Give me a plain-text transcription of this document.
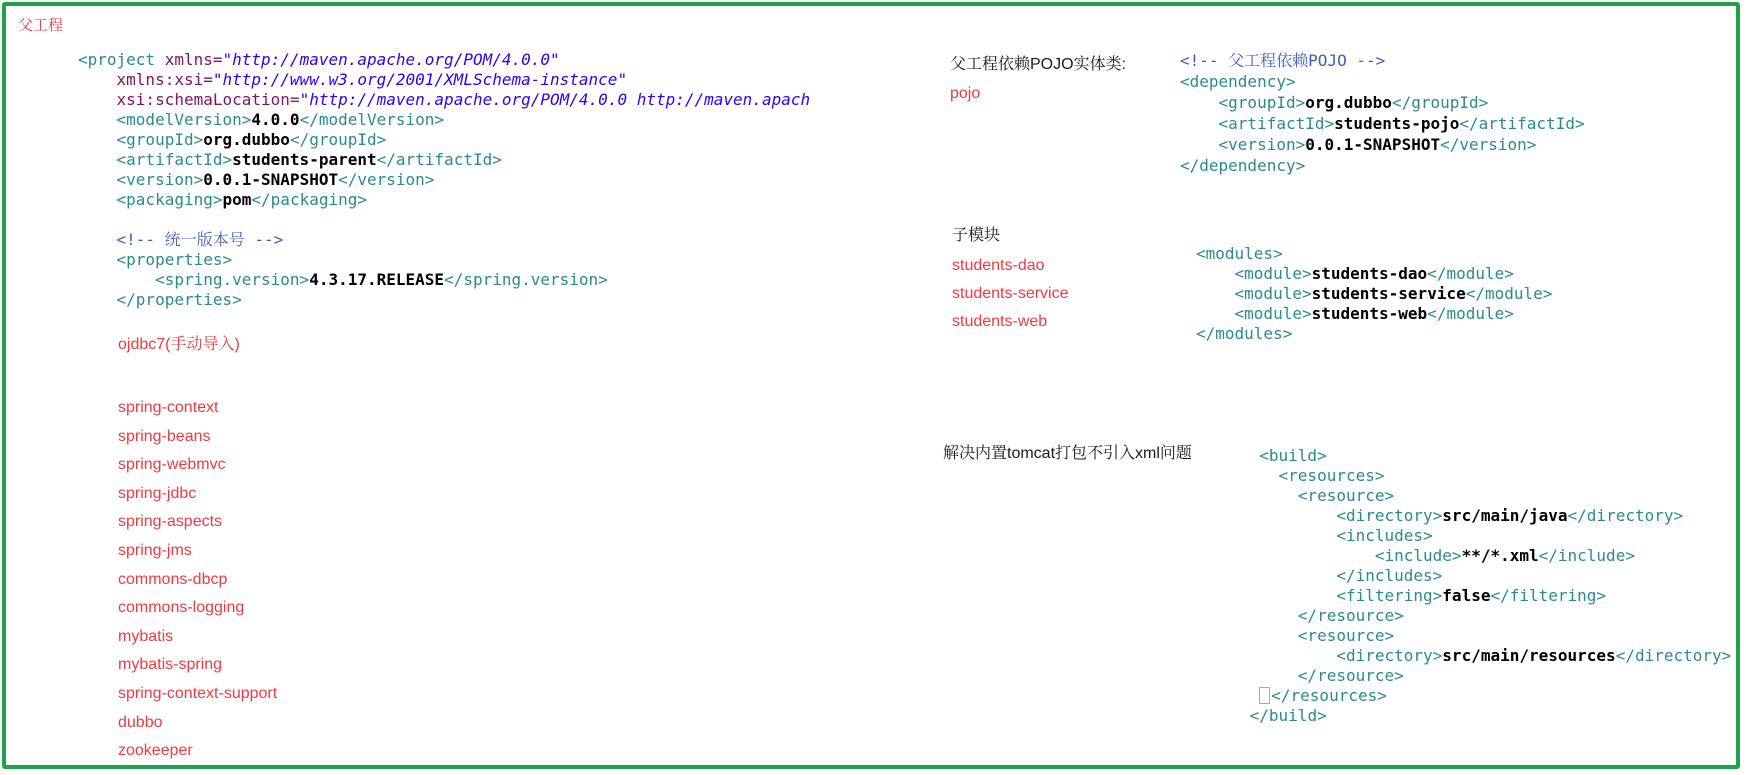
父工程
<project xmlns="http://maven.apache.org/POM/4.0.0"
xmlns:xsi="http://www.w3.org/2001/XMLSchema-instance"
xsi:schemaLocation="http://maven.apache.org/POM/4.0.0 http://maven.apach
<modelVersion>4.0.0</modelVersion>
<groupId>org.dubbo</groupId>
<artifactId>students-parent</artifactId>
<version>0.0.1-SNAPSHOT</version>
<packaging>pom</packaging>

<!-- 统一版本号 -->
<properties>
<spring.version>4.3.17.RELEASE</spring.version>
</properties>
ojdbc7(手动导入)
spring-context
spring-beans
spring-webmvc
spring-jdbc
spring-aspects
spring-jms
commons-dbcp
commons-logging
mybatis
mybatis-spring
spring-context-support
dubbo
zookeeper
父工程依赖POJO实体类:
pojo
<!-- 父工程依赖POJO -->
<dependency>
<groupId>org.dubbo</groupId>
<artifactId>students-pojo</artifactId>
<version>0.0.1-SNAPSHOT</version>
</dependency>
子模块
students-dao
students-service
students-web
<modules>
<module>students-dao</module>
<module>students-service</module>
<module>students-web</module>
</modules>
解决内置tomcat打包不引入xml问题	<build>
<resources>
<resource>
<directory>src/main/java</directory>
<includes>
<include>**/*.xml</include>
</includes>
<filtering>false</filtering>
</resource>
<resource>
<directory>src/main/resources</directory>
</resource>
</resources>
</build>
